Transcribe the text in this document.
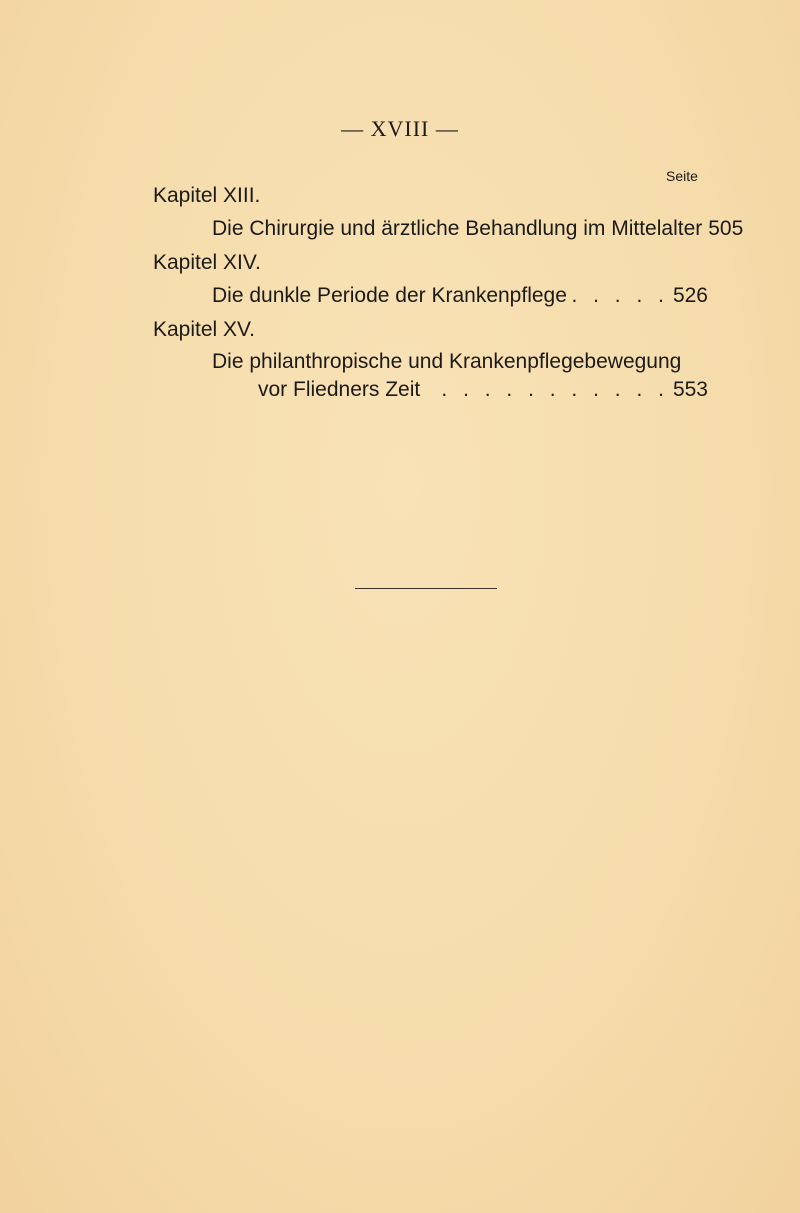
— XVIII —
Seite
Kapitel XIII.
Die Chirurgie und ärztliche Behandlung im Mittelalter 505
Kapitel XIV.
Die dunkle Periode der Krankenpflege . . . . . 526
Kapitel XV.
Die philanthropische und Krankenpflegebewegung
vor Fliedners Zeit	. . . . . . . . . . . 553
